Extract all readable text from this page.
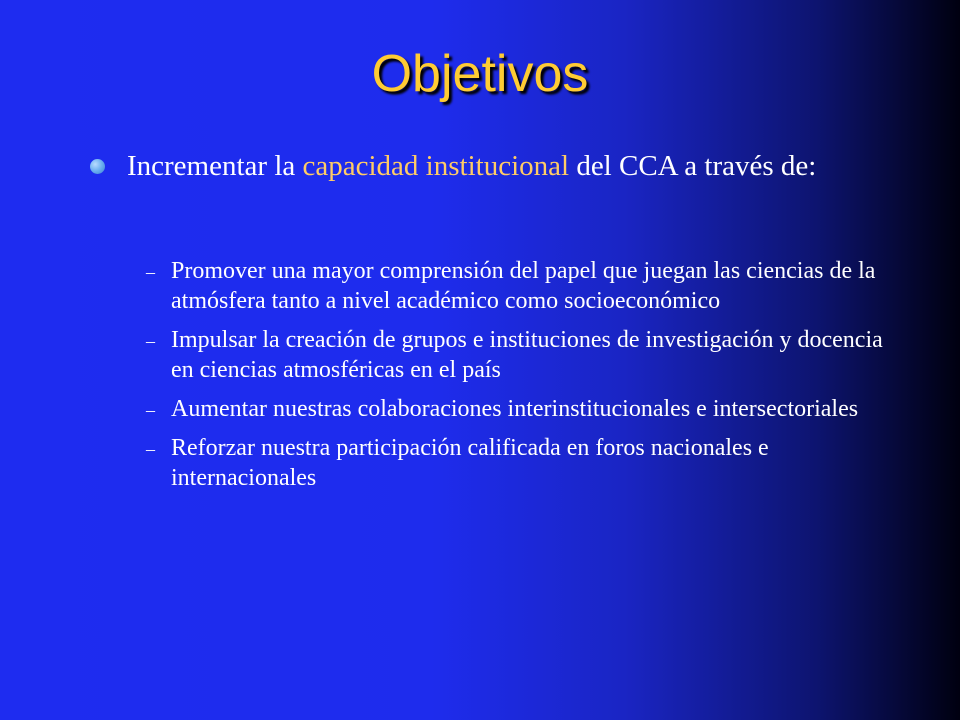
Objetivos
Incrementar la capacidad institucional del CCA a través de:
– Promover una mayor comprensión del papel que juegan las ciencias de la atmósfera tanto a nivel académico como socioeconómico
– Impulsar la creación de grupos e instituciones de investigación y docencia en ciencias atmosféricas en el país
– Aumentar nuestras colaboraciones interinstitucionales e intersectoriales
– Reforzar nuestra participación calificada en foros nacionales e internacionales
